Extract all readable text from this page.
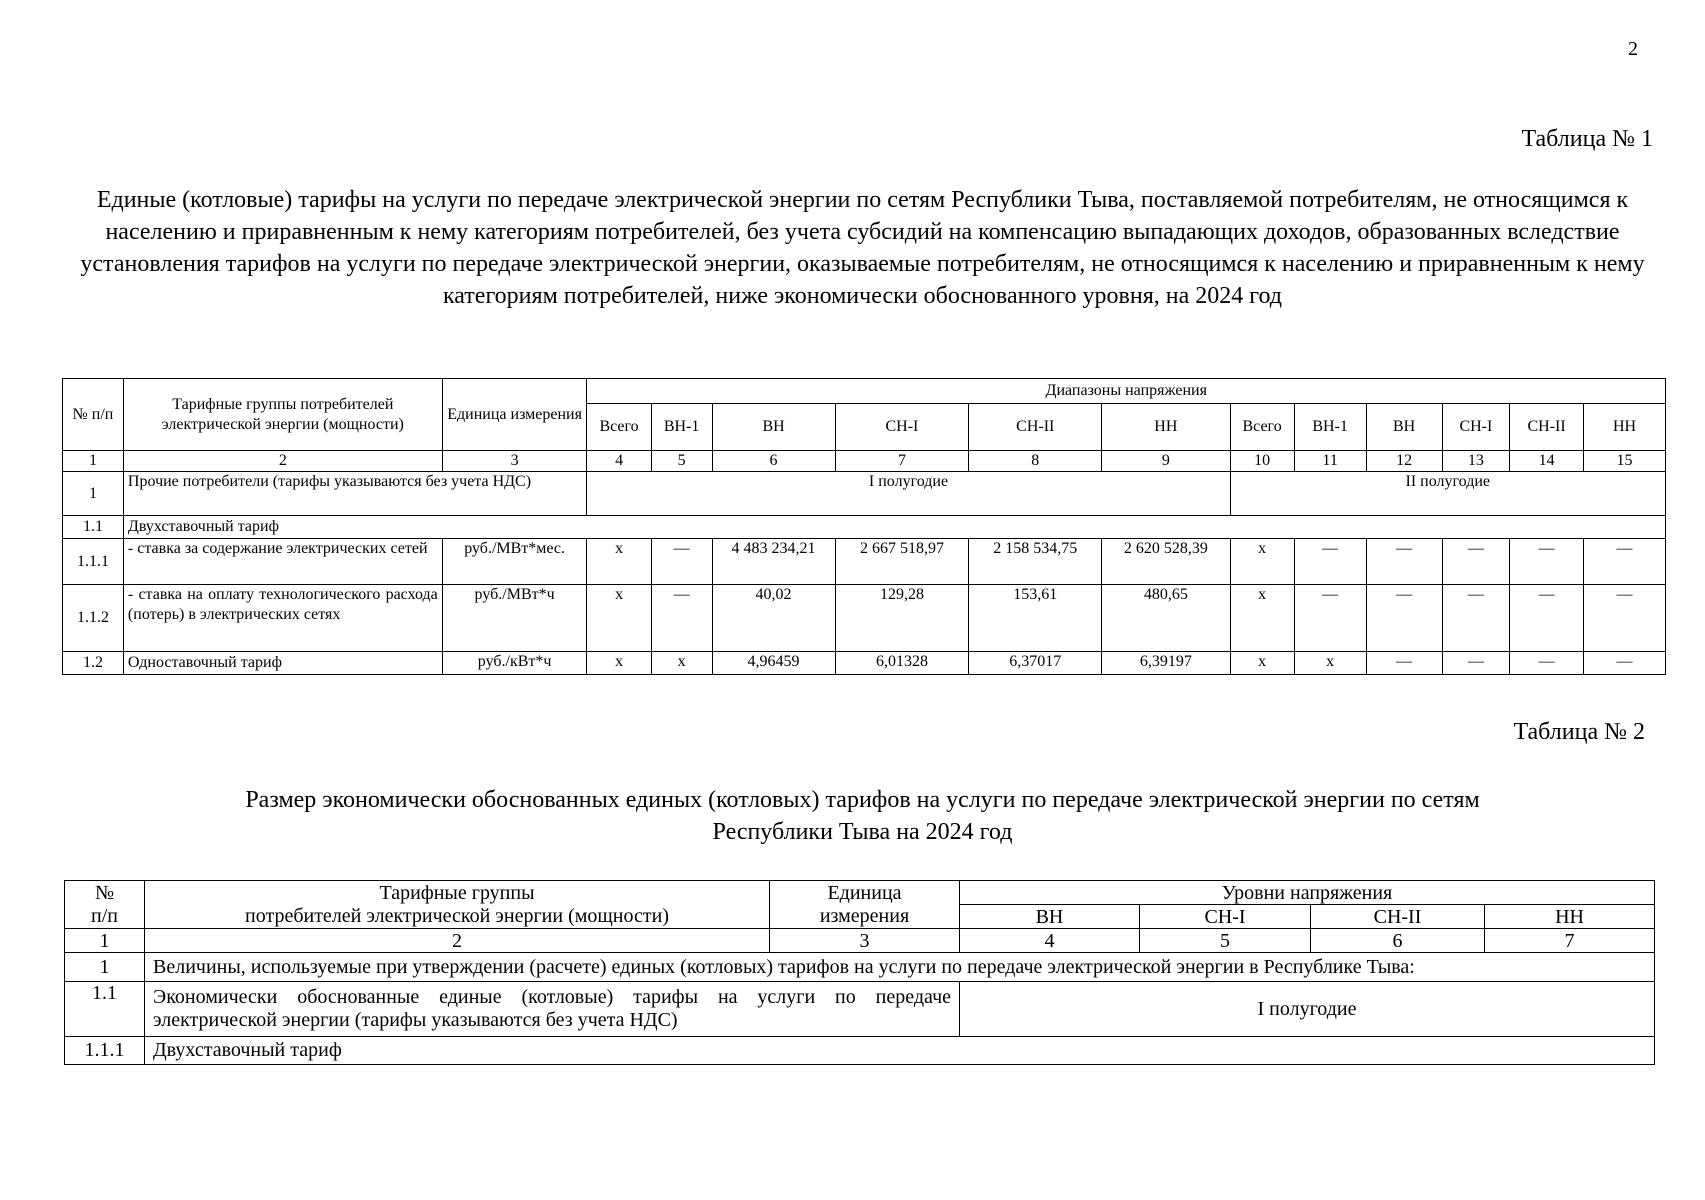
2
Таблица № 1
Единые (котловые) тарифы на услуги по передаче электрической энергии по сетям Республики Тыва, поставляемой потребителям, не относящимся к населению и приравненным к нему категориям потребителей, без учета субсидий на компенсацию выпадающих доходов, образованных вследствие установления тарифов на услуги по передаче электрической энергии, оказываемые потребителям, не относящимся к населению и приравненным к нему категориям потребителей, ниже экономически обоснованного уровня, на 2024 год
№ п/п	Тарифные группы потребителей электрической энергии (мощности)	Единица измерения	Диапазоны напряжения											
			Всего	ВН-1	ВН	СН-I	СН-II	НН	Всего	ВН-1	ВН	СН-I	СН-II	НН
1	2	3	4	5	6	7	8	9	10	11	12	13	14	15
1	Прочие потребители (тарифы указываются без учета НДС)		I полугодие						II полугодие					
1.1	Двухставочный тариф													
1.1.1	- ставка за содержание электрических сетей	руб./МВт*мес.	х	—	4 483 234,21	2 667 518,97	2 158 534,75	2 620 528,39	х	—	—	—	—	—
1.1.2	- ставка на оплату технологического расхода (потерь) в электрических сетях	руб./МВт*ч	х	—	40,02	129,28	153,61	480,65	х	—	—	—	—	—
1.2	Одноставочный тариф	руб./кВт*ч	х	х	4,96459	6,01328	6,37017	6,39197	х	х	—	—	—	—
Таблица № 2
Размер экономически обоснованных единых (котловых) тарифов на услуги по передаче электрической энергии по сетям
Республики Тыва на 2024 год
№	Тарифные группы	Единица	Уровни напряжения			
п/п	потребителей электрической энергии (мощности)	измерения	ВН	СН-I	СН-II	НН
1	2	3	4	5	6	7
1	Величины, используемые при утверждении (расчете) единых (котловых) тарифов на услуги по передаче электрической энергии в Республике Тыва:					
1.1	Экономически обоснованные единые (котловые) тарифы на услуги по передаче электрической энергии (тарифы указываются без учета НДС)		I полугодие			
1.1.1	Двухставочный тариф					
